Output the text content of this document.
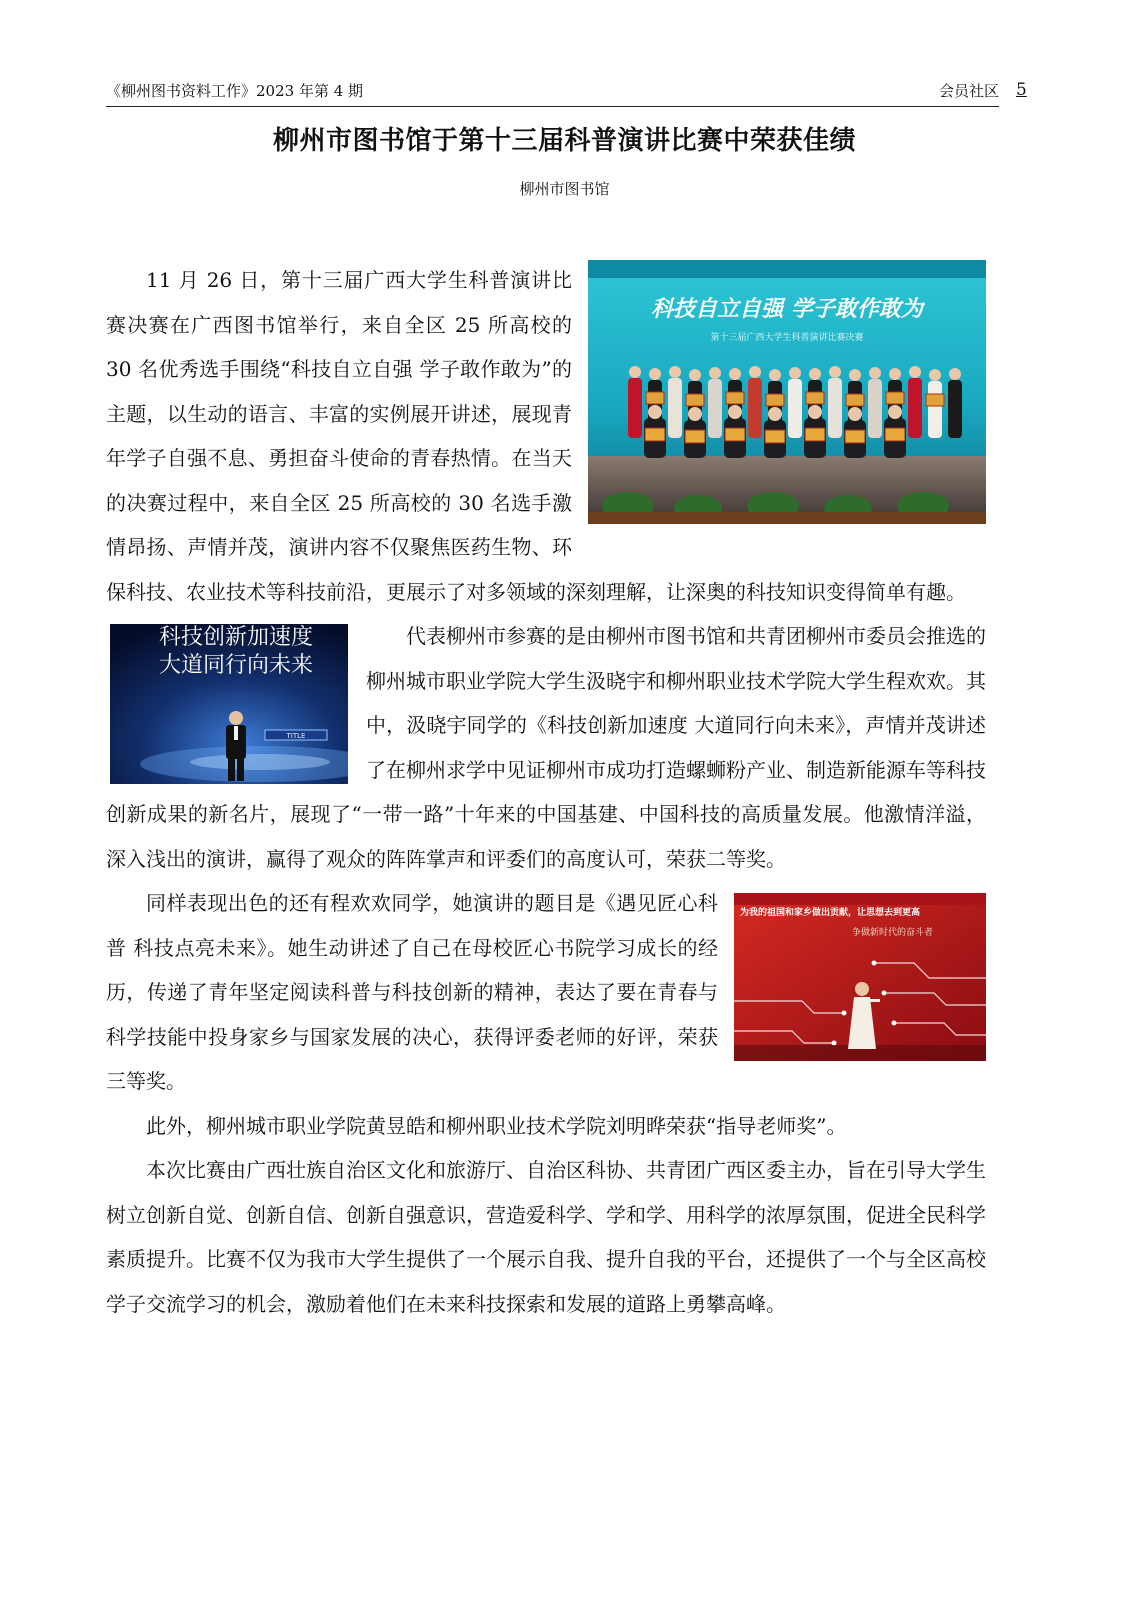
《柳州图书资料工作》2023 年第 4 期	会员社区 5
柳州市图书馆于第十三届科普演讲比赛中荣获佳绩
柳州市图书馆
科技自立自强 学子敢作敢为
第十三届广西大学生科普演讲比赛决赛

11 月 26 日，第十三届广西大学生科普演讲比赛决赛在广西图书馆举行，来自全区 25 所高校的 30 名优秀选手围绕“科技自立自强 学子敢作敢为”的主题，以生动的语言、丰富的实例展开讲述，展现青年学子自强不息、勇担奋斗使命的青春热情。在当天的决赛过程中，来自全区 25 所高校的 30 名选手激情昂扬、声情并茂，演讲内容不仅聚焦医药生物、环保科技、农业技术等科技前沿，更展示了对多领域的深刻理解，让深奥的科技知识变得简单有趣。

科技创新加速度
大道同行向未来
TITLE

代表柳州市参赛的是由柳州市图书馆和共青团柳州市委员会推选的柳州城市职业学院大学生汲晓宇和柳州职业技术学院大学生程欢欢。其中，汲晓宇同学的《科技创新加速度 大道同行向未来》，声情并茂讲述了在柳州求学中见证柳州市成功打造螺蛳粉产业、制造新能源车等科技创新成果的新名片，展现了“一带一路”十年来的中国基建、中国科技的高质量发展。他激情洋溢，深入浅出的演讲，赢得了观众的阵阵掌声和评委们的高度认可，荣获二等奖。

为我的祖国和家乡做出贡献，让思想去到更高
争做新时代的奋斗者

同样表现出色的还有程欢欢同学，她演讲的题目是《遇见匠心科普 科技点亮未来》。她生动讲述了自己在母校匠心书院学习成长的经历，传递了青年坚定阅读科普与科技创新的精神，表达了要在青春与科学技能中投身家乡与国家发展的决心，获得评委老师的好评，荣获三等奖。

此外，柳州城市职业学院黄昱皓和柳州职业技术学院刘明晔荣获“指导老师奖”。

本次比赛由广西壮族自治区文化和旅游厅、自治区科协、共青团广西区委主办，旨在引导大学生树立创新自觉、创新自信、创新自强意识，营造爱科学、学和学、用科学的浓厚氛围，促进全民科学素质提升。比赛不仅为我市大学生提供了一个展示自我、提升自我的平台，还提供了一个与全区高校学子交流学习的机会，激励着他们在未来科技探索和发展的道路上勇攀高峰。
